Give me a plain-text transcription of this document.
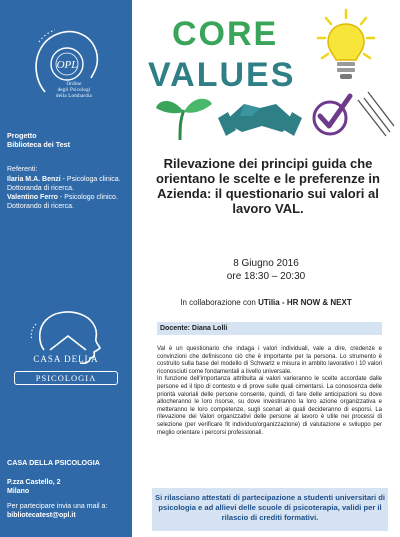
OPL
Ordine
degli Psicologi
della Lombardia
Progetto
Biblioteca dei Test
Referenti:
Ilaria M.A. Benzi - Psicologa clinica. Dottoranda di ricerca.
Valentino Ferro - Psicologo clinico. Dottorando di ricerca.
CASA DELLA
PSICOLOGIA
CASA DELLA PSICOLOGIA
P.zza Castello, 2
Milano
Per partecipare invia una mail a:
bibliotecatest@opl.it
CORE
VALUES
Rilevazione dei principi guida che orientano le scelte e le preferenze in Azienda: il questionario sui valori al lavoro VAL.
8 Giugno 2016
ore 18:30 – 20:30
In collaborazione con UTilia - HR NOW & NEXT
Docente: Diana Lolli

Val è un questionario che indaga i valori individuali, vale a dire, credenze e convinzioni che definiscono ciò che è importante per la persona. Lo strumento è costruito sulla base del modello di Schwartz e misura in ambito lavorativo i 10 valori riconosciuti come fondamentali a livello universale.

In funzione dell'importanza attribuita ai valori varieranno le scelte accordate dalle persone ed il tipo di contesto e di prove sulle quali cimentarsi. La conoscenza delle priorità valoriali delle persone consente, quindi, di fare delle anticipazioni su dove allocheranno le loro risorse, su dove investiranno la loro azione organizzativa e metteranno le loro competenze, sugli scenari ai quali decideranno di esporsi. La rilevazione dei Valori organizzativi delle persone al lavoro è utile nei processi di selezione (per verificare fit individuo/organizzazione) di valutazione e sviluppo per meglio orientare i percorsi professionali.

Si rilasciano attestati di partecipazione a studenti universitari di psicologia e ad allievi delle scuole di psicoterapia, validi per il rilascio di crediti formativi.
